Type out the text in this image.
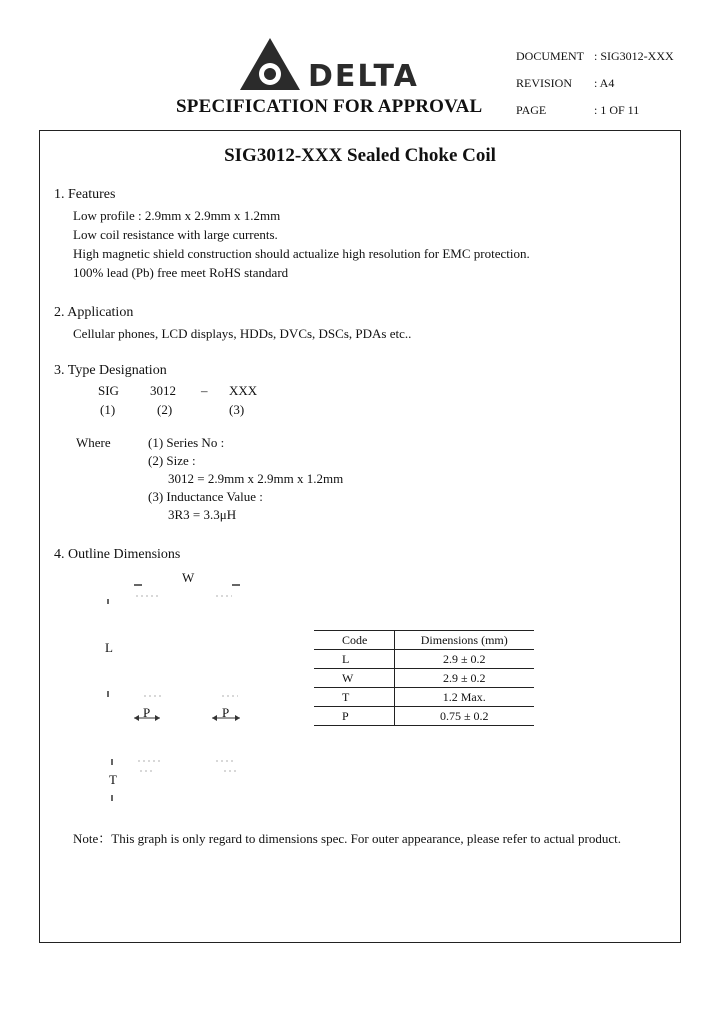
DELTA
SPECIFICATION FOR APPROVAL
DOCUMENT : SIG3012-XXX
REVISION : A4
PAGE	: 1 OF 11
SIG3012-XXX Sealed Choke Coil
1. Features
Low profile : 2.9mm x 2.9mm x 1.2mm
Low coil resistance with large currents.
High magnetic shield construction should actualize high resolution for EMC protection.
100% lead (Pb) free meet RoHS standard
2. Application
Cellular phones, LCD displays, HDDs, DVCs, DSCs, PDAs etc..
3. Type Designation
SIG 3012 – XXX
(1)	(2)	(3)
Where	(1) Series No :
(2) Size :
3012 = 2.9mm x 2.9mm x 1.2mm
(3) Inductance Value :
3R3 = 3.3μH
4. Outline Dimensions
W
L
P	P
T
Code	Dimensions (mm)
L	2.9 ± 0.2
W	2.9 ± 0.2
T	1.2 Max.
P	0.75 ± 0.2
Note：This graph is only regard to dimensions spec. For outer appearance, please refer to actual product.
